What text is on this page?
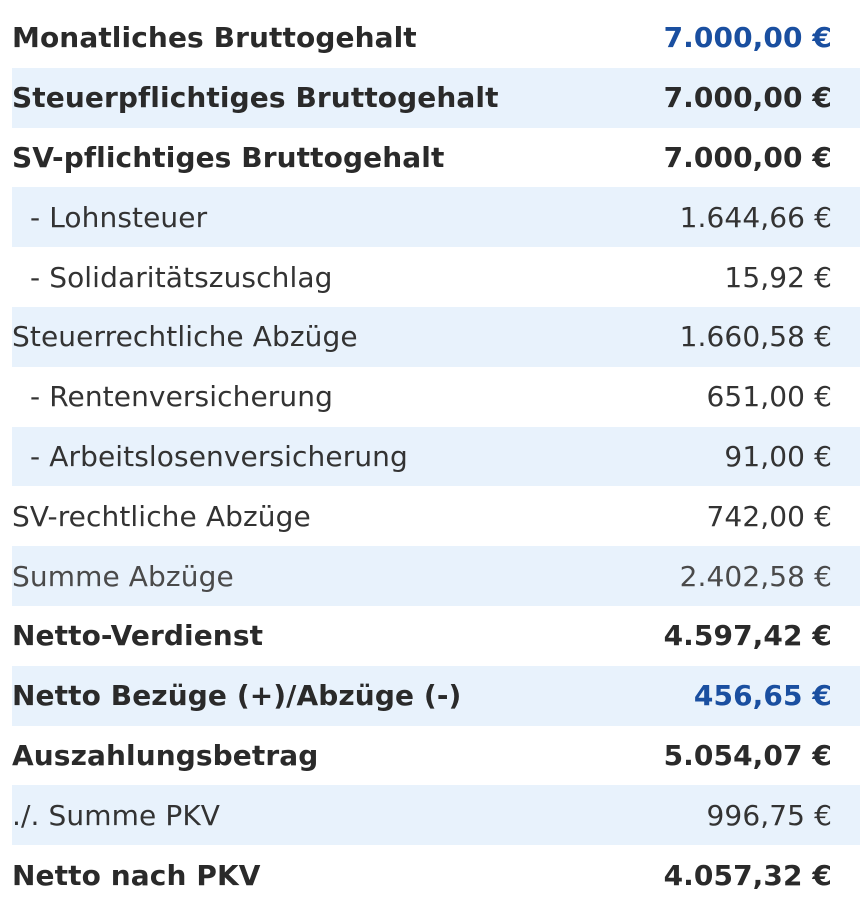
Monatliches Bruttogehalt	7.000,00 €
Steuerpflichtiges Bruttogehalt	7.000,00 €
SV-pflichtiges Bruttogehalt	7.000,00 €
- Lohnsteuer	1.644,66 €
- Solidaritätszuschlag	15,92 €
Steuerrechtliche Abzüge	1.660,58 €
- Rentenversicherung	651,00 €
- Arbeitslosenversicherung	91,00 €
SV-rechtliche Abzüge	742,00 €
Summe Abzüge	2.402,58 €
Netto-Verdienst	4.597,42 €
Netto Bezüge (+)/Abzüge (-)	456,65 €
Auszahlungsbetrag	5.054,07 €
./. Summe PKV	996,75 €
Netto nach PKV	4.057,32 €
